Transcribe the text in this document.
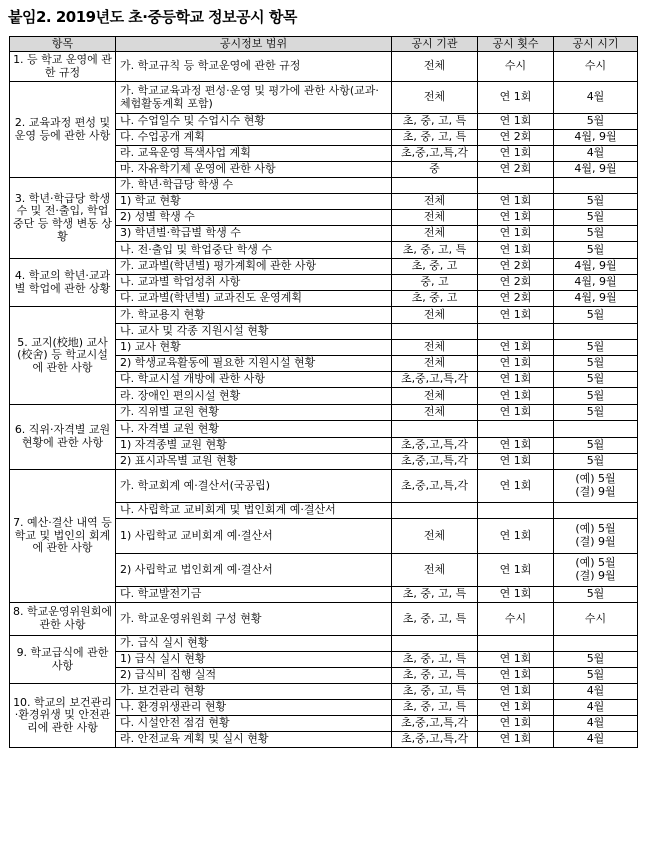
붙임2. 2019년도 초·중등학교 정보공시 항목
항목	공시정보 범위	공시 기관	공시 횟수	공시 시기
1. 등 학교 운영에 관한 규정	가. 학교규칙 등 학교운영에 관한 규정	전체	수시	수시
2. 교육과정 편성 및 운영 등에 관한 사항	가. 학교교육과정 편성·운영 및 평가에 관한 사항(교과·체험활동계획 포함)	전체	연 1회	4월
	나. 수업일수 및 수업시수 현황	초, 중, 고, 특	연 1회	5월
	다. 수업공개 계획	초, 중, 고, 특	연 2회	4월, 9월
	라. 교육운영 특색사업 계획	초,중,고,특,각	연 1회	4월
	마. 자유학기제 운영에 관한 사항	중	연 2회	4월, 9월
3. 학년·학급당 학생수 및 전·출입, 학업중단 등 학생 변동 상황	가. 학년·학급당 학생 수			
	1) 학교 현황	전체	연 1회	5월
	2) 성별 학생 수	전체	연 1회	5월
	3) 학년별·학급별 학생 수	전체	연 1회	5월
	나. 전·출입 및 학업중단 학생 수	초, 중, 고, 특	연 1회	5월
4. 학교의 학년·교과별 학업에 관한 상황	가. 교과별(학년별) 평가계획에 관한 사항	초, 중, 고	연 2회	4월, 9월
	나. 교과별 학업성취 사항	중, 고	연 2회	4월, 9월
	다. 교과별(학년별) 교과진도 운영계획	초, 중, 고	연 2회	4월, 9월
5. 교지(校地) 교사(校舍) 등 학교시설에 관한 사항	가. 학교용지 현황	전체	연 1회	5월
	나. 교사 및 각종 지원시설 현황			
	1) 교사 현황	전체	연 1회	5월
	2) 학생교육활동에 필요한 지원시설 현황	전체	연 1회	5월
	다. 학교시설 개방에 관한 사항	초,중,고,특,각	연 1회	5월
	라. 장애인 편의시설 현황	전체	연 1회	5월
6. 직위·자격별 교원 현황에 관한 사항	가. 직위별 교원 현황	전체	연 1회	5월
	나. 자격별 교원 현황			
	1) 자격종별 교원 현황	초,중,고,특,각	연 1회	5월
	2) 표시과목별 교원 현황	초,중,고,특,각	연 1회	5월
7. 예산·결산 내역 등 학교 및 법인의 회계에 관한 사항	가. 학교회계 예·결산서(국공립)	초,중,고,특,각	연 1회	(예) 5월
(결) 9월
	나. 사립학교 교비회계 및 법인회계 예·결산서			
	1) 사립학교 교비회계 예·결산서	전체	연 1회	(예) 5월
(결) 9월
	2) 사립학교 법인회계 예·결산서	전체	연 1회	(예) 5월
(결) 9월
	다. 학교발전기금	초, 중, 고, 특	연 1회	5월
8. 학교운영위원회에 관한 사항	가. 학교운영위원회 구성 현황	초, 중, 고, 특	수시	수시
9. 학교급식에 관한 사항	가. 급식 실시 현황			
	1) 급식 실시 현황	초, 중, 고, 특	연 1회	5월
	2) 급식비 집행 실적	초, 중, 고, 특	연 1회	5월
10. 학교의 보건관리·환경위생 및 안전관리에 관한 사항	가. 보건관리 현황	초, 중, 고, 특	연 1회	4월
	나. 환경위생관리 현황	초, 중, 고, 특	연 1회	4월
	다. 시설안전 점검 현황	초,중,고,특,각	연 1회	4월
	라. 안전교육 계획 및 실시 현황	초,중,고,특,각	연 1회	4월
